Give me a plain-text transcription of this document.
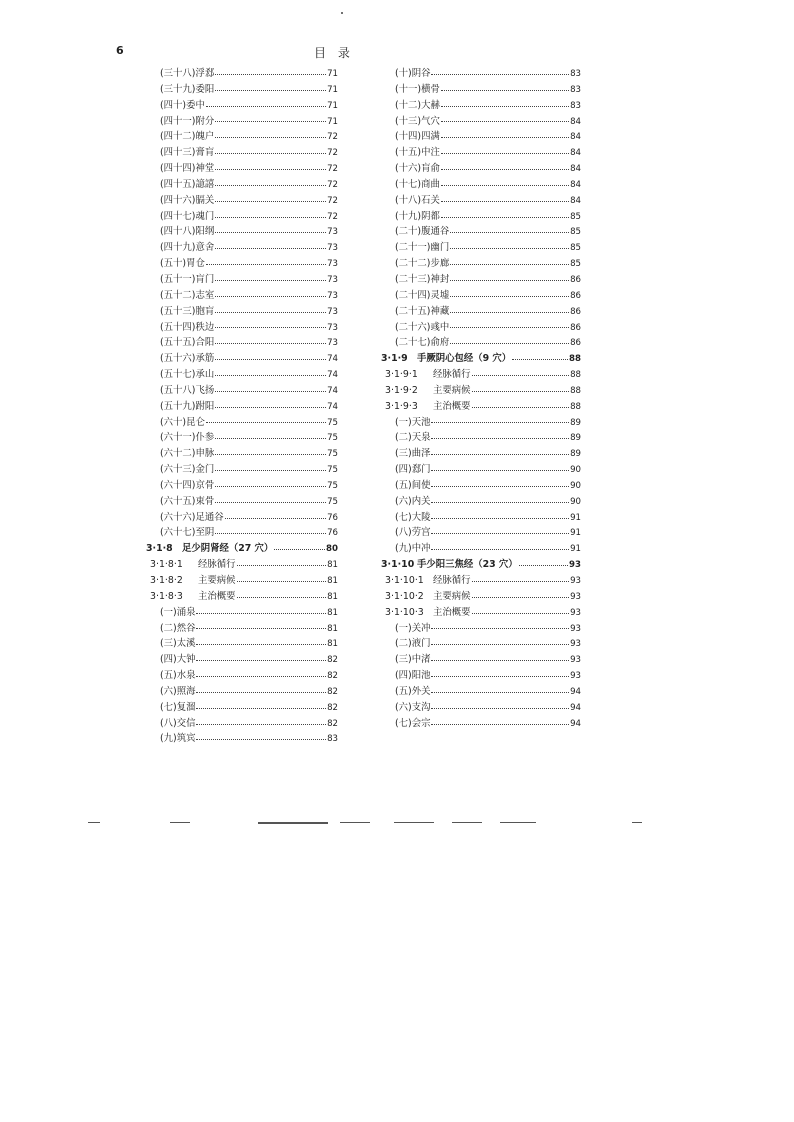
6	目 录
(三十八)浮郄	71
(三十九)委阳	71
(四十)委中	71
(四十一)附分	71
(四十二)魄户	72
(四十三)膏肓	72
(四十四)神堂	72
(四十五)譩譆	72
(四十六)膈关	72
(四十七)魂门	72
(四十八)阳纲	73
(四十九)意舍	73
(五十)胃仓	73
(五十一)肓门	73
(五十二)志室	73
(五十三)胞肓	73
(五十四)秩边	73
(五十五)合阳	73
(五十六)承筋	74
(五十七)承山	74
(五十八)飞扬	74
(五十九)跗阳	74
(六十)昆仑	75
(六十一)仆参	75
(六十二)申脉	75
(六十三)金门	75
(六十四)京骨	75
(六十五)束骨	75
(六十六)足通谷	76
(六十七)至阴	76
3·1·8 足少阴肾经（27 穴）	80
3·1·8·1 经脉循行	81
3·1·8·2 主要病候	81
3·1·8·3 主治概要	81
(一)涌泉	81
(二)然谷	81
(三)太溪	81
(四)大钟	82
(五)水泉	82
(六)照海	82
(七)复溜	82
(八)交信	82
(九)筑宾	83
(十)阴谷	83
(十一)横骨	83
(十二)大赫	83
(十三)气穴	84
(十四)四满	84
(十五)中注	84
(十六)肓俞	84
(十七)商曲	84
(十八)石关	84
(十九)阴都	85
(二十)腹通谷	85
(二十一)幽门	85
(二十二)步廊	85
(二十三)神封	86
(二十四)灵墟	86
(二十五)神藏	86
(二十六)彧中	86
(二十七)俞府	86
3·1·9 手厥阴心包经（9 穴）	88
3·1·9·1 经脉循行	88
3·1·9·2 主要病候	88
3·1·9·3 主治概要	88
(一)天池	89
(二)天泉	89
(三)曲泽	89
(四)郄门	90
(五)间使	90
(六)内关	90
(七)大陵	91
(八)劳宫	91
(九)中冲	91
3·1·10 手少阳三焦经（23 穴）	93
3·1·10·1 经脉循行	93
3·1·10·2 主要病候	93
3·1·10·3 主治概要	93
(一)关冲	93
(二)液门	93
(三)中渚	93
(四)阳池	93
(五)外关	94
(六)支沟	94
(七)会宗	94
